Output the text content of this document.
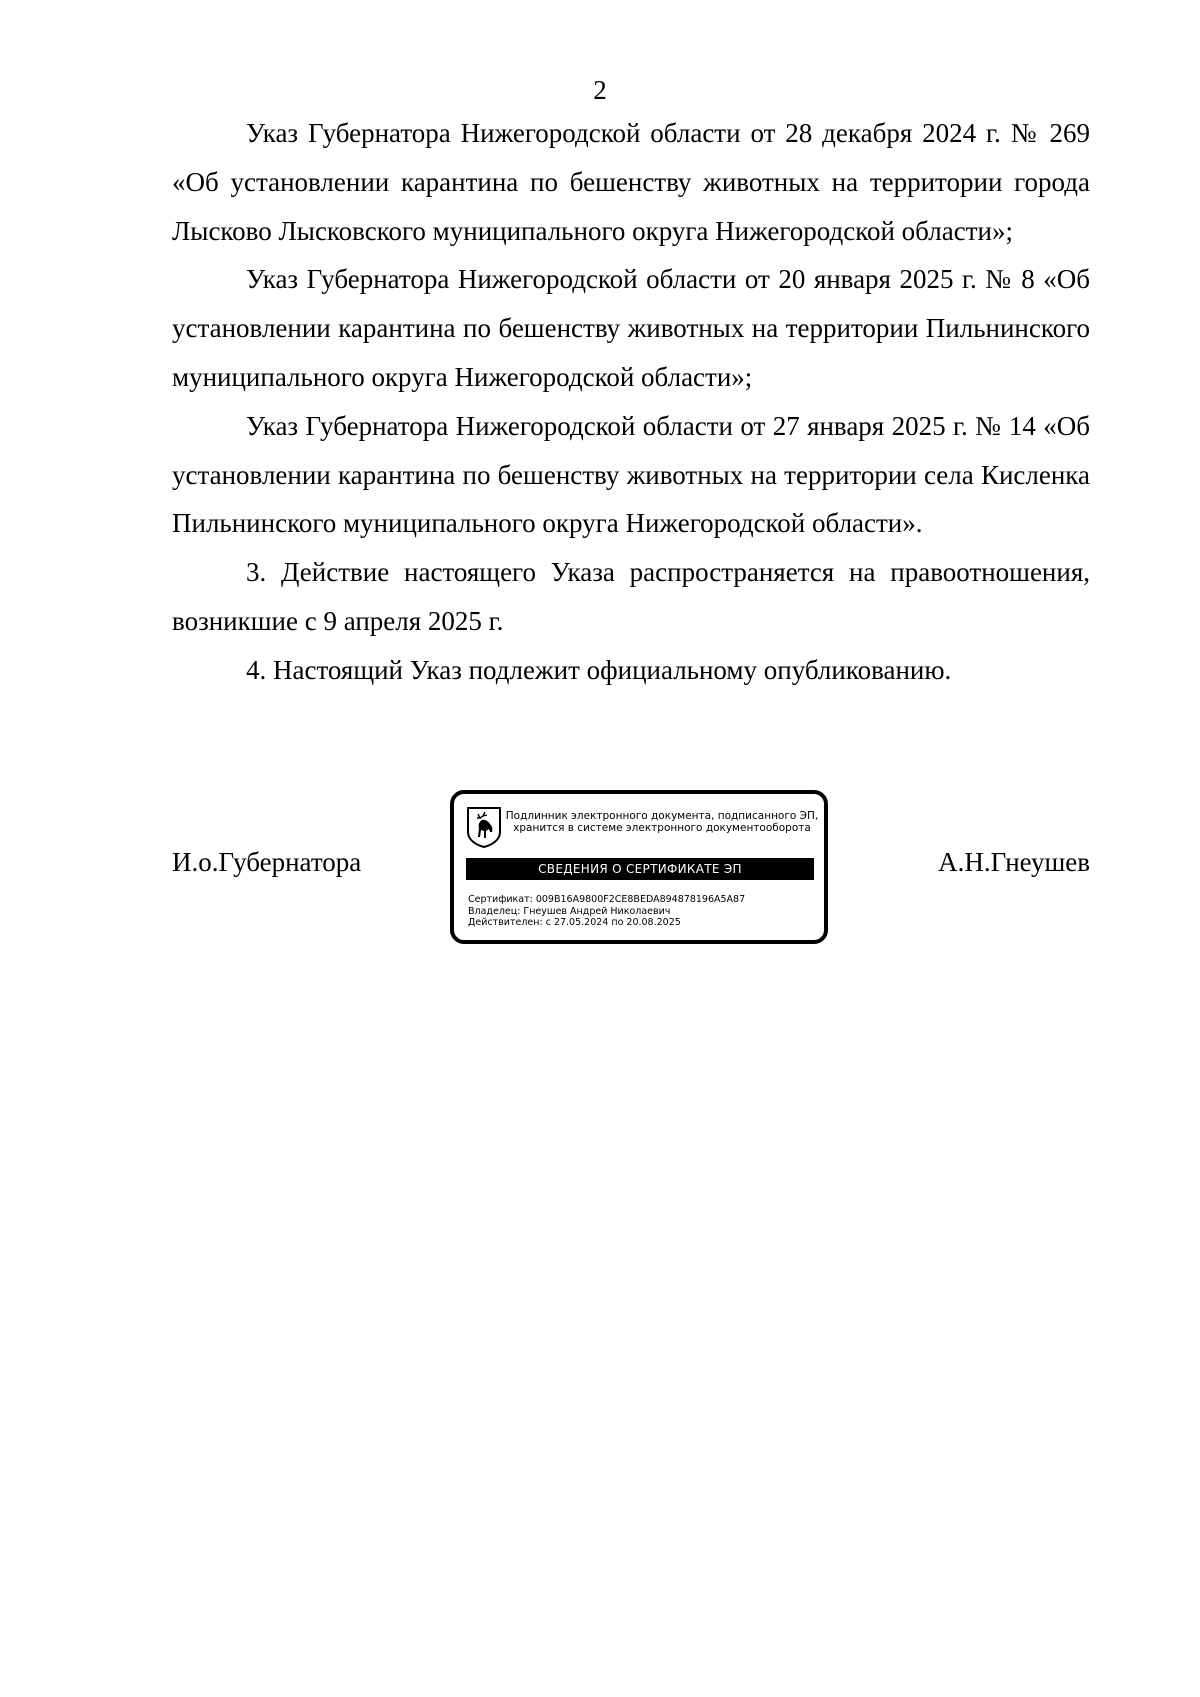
2

Указ Губернатора Нижегородской области от 28 декабря 2024 г. № 269 «Об установлении карантина по бешенству животных на территории города Лысково Лысковского муниципального округа Нижегородской области»;

Указ Губернатора Нижегородской области от 20 января 2025 г. № 8 «Об установлении карантина по бешенству животных на территории Пильнинского муниципального округа Нижегородской области»;

Указ Губернатора Нижегородской области от 27 января 2025 г. № 14 «Об установлении карантина по бешенству животных на территории села Кисленка Пильнинского муниципального округа Нижегородской области».

3. Действие настоящего Указа распространяется на правоотношения, возникшие с 9 апреля 2025 г.

4. Настоящий Указ подлежит официальному опубликованию.

И.о.Губернатора
Подлинник электронного документа, подписанного ЭП,
хранится в системе электронного документооборота
СВЕДЕНИЯ О СЕРТИФИКАТЕ ЭП
Сертификат: 009B16A9800F2CE8BEDA894878196A5A87
Владелец: Гнеушев Андрей Николаевич
Действителен: с 27.05.2024 по 20.08.2025
А.Н.Гнеушев
